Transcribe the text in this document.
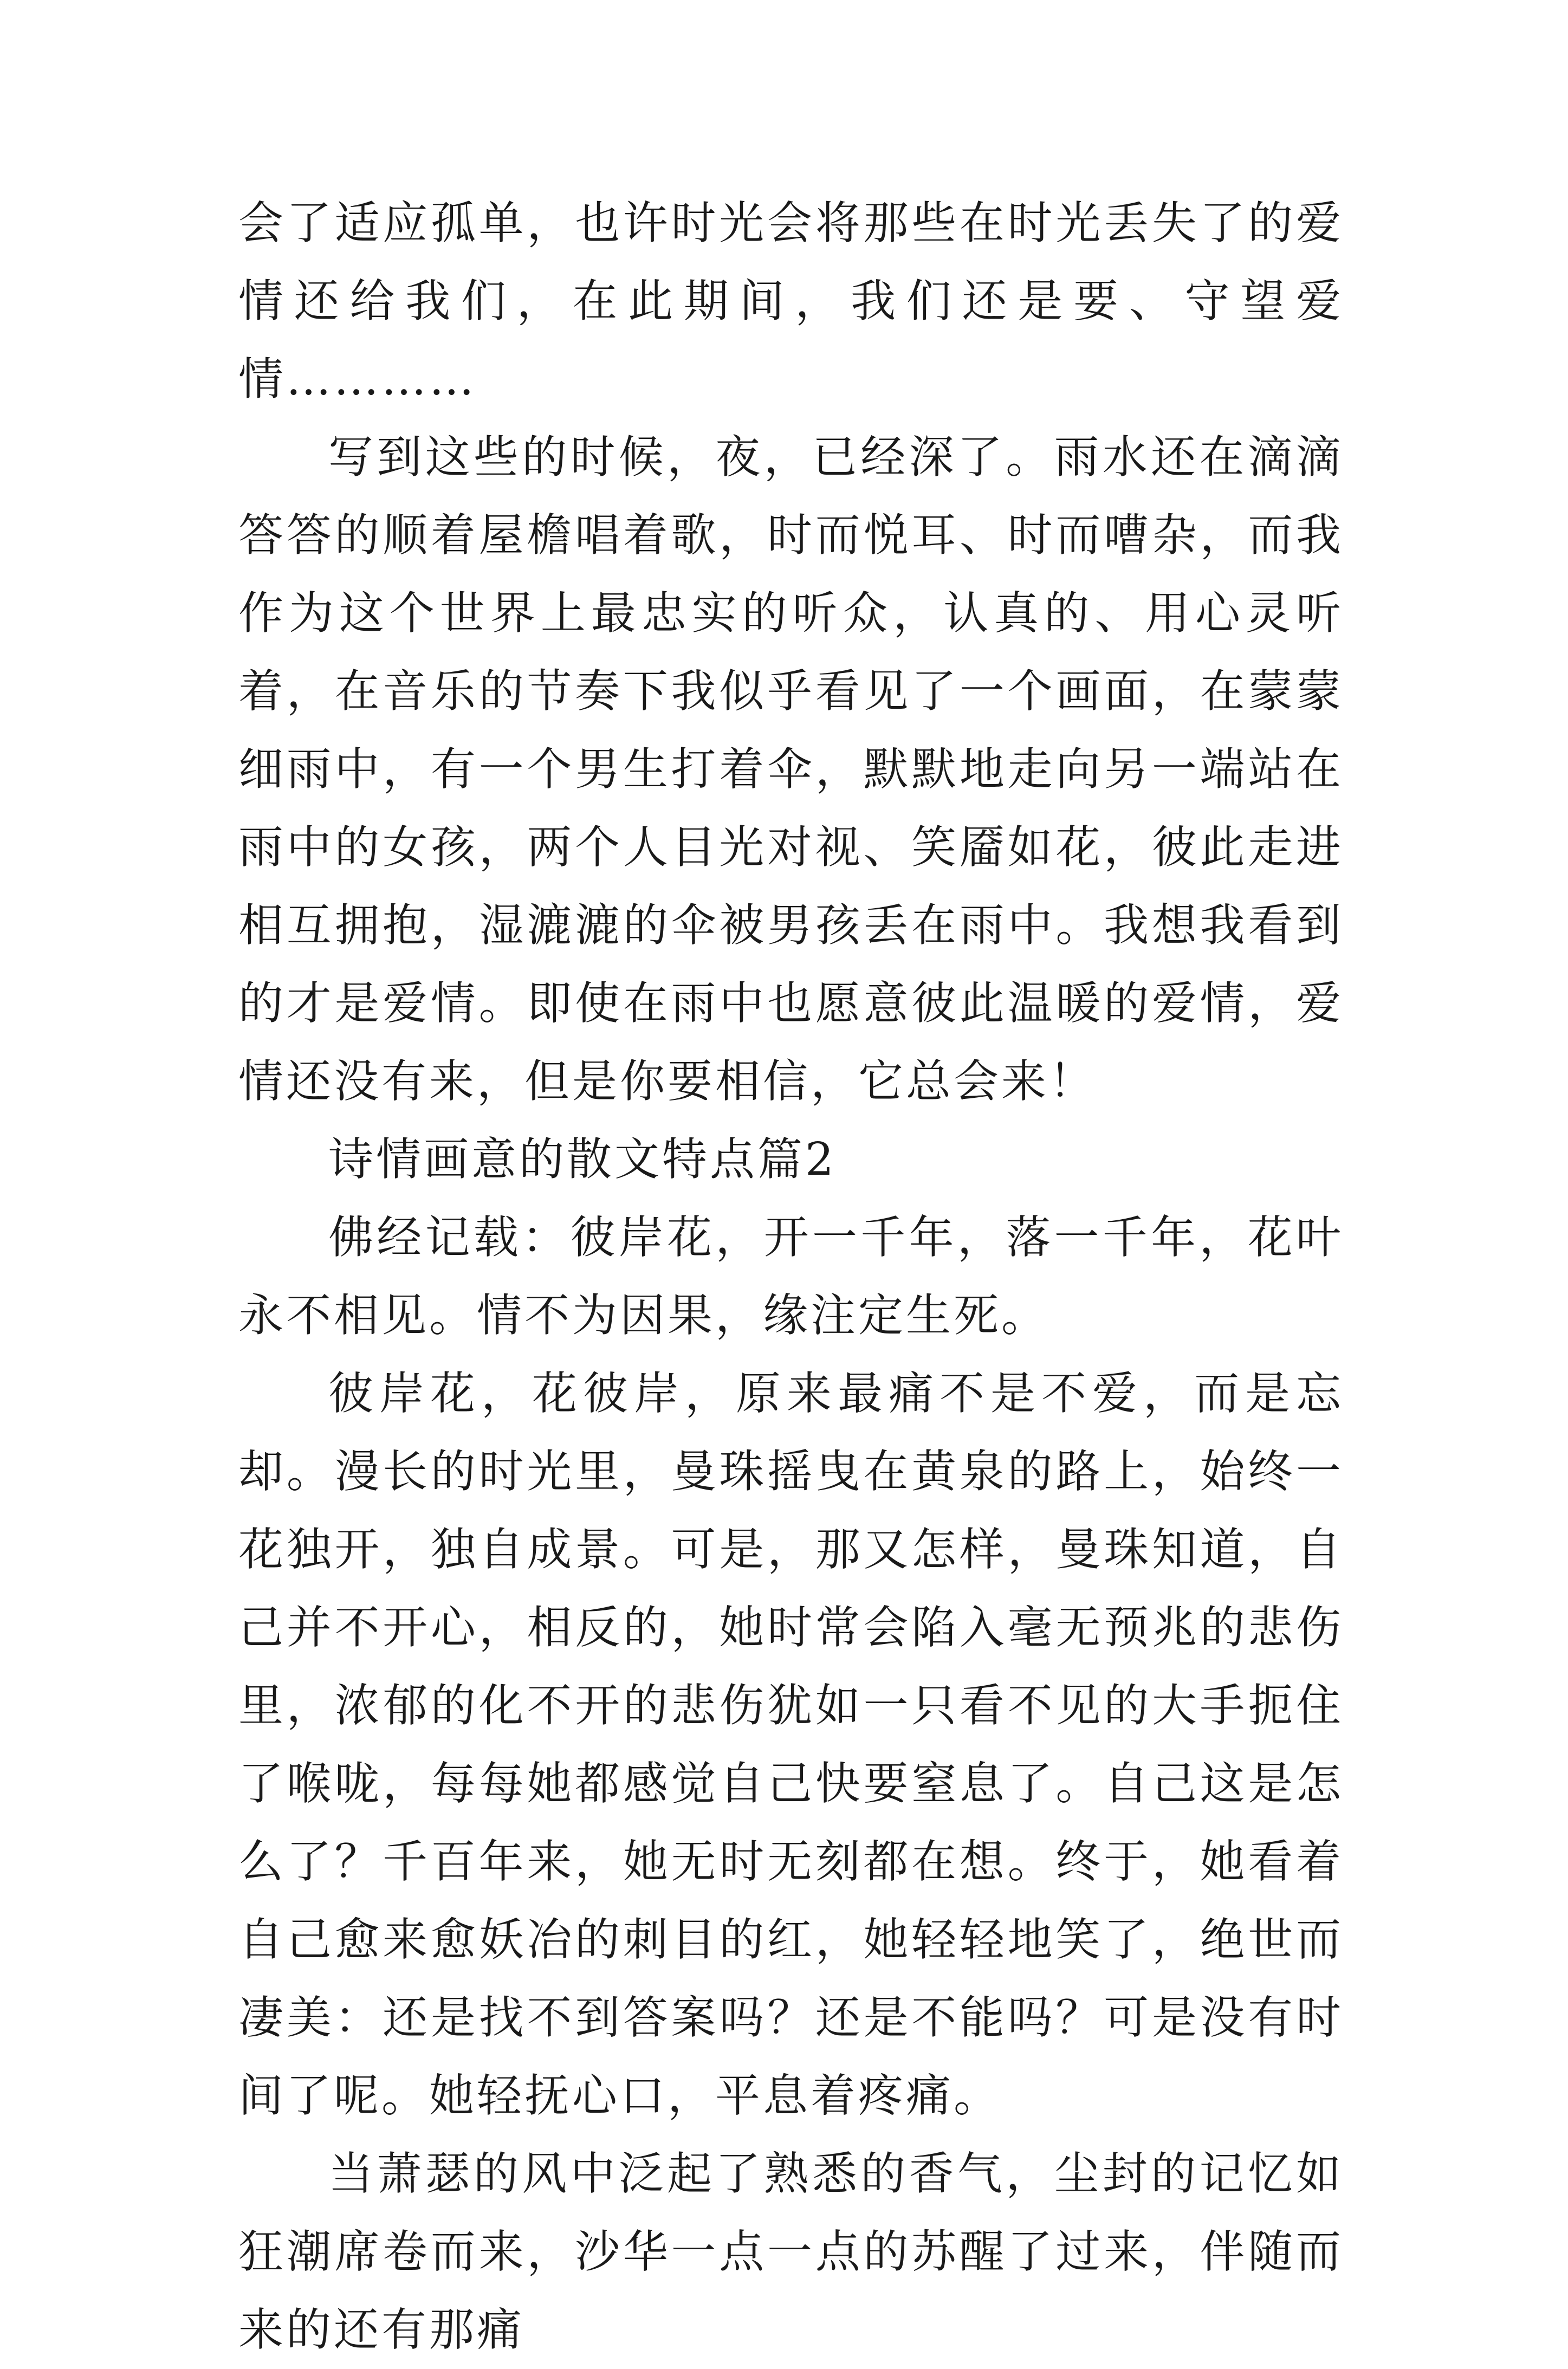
会了适应孤单，也许时光会将那些在时光丢失了的爱情还给我们，在此期间，我们还是要、守望爱情…………

写到这些的时候，夜，已经深了。雨水还在滴滴答答的顺着屋檐唱着歌，时而悦耳、时而嘈杂，而我作为这个世界上最忠实的听众，认真的、用心灵听着，在音乐的节奏下我似乎看见了一个画面，在蒙蒙细雨中，有一个男生打着伞，默默地走向另一端站在雨中的女孩，两个人目光对视、笑靥如花，彼此走进相互拥抱，湿漉漉的伞被男孩丢在雨中。我想我看到的才是爱情。即使在雨中也愿意彼此温暖的爱情，爱情还没有来，但是你要相信，它总会来！

诗情画意的散文特点篇2

佛经记载：彼岸花，开一千年，落一千年，花叶永不相见。情不为因果，缘注定生死。

彼岸花，花彼岸，原来最痛不是不爱，而是忘却。漫长的时光里，曼珠摇曳在黄泉的路上，始终一花独开，独自成景。可是，那又怎样，曼珠知道，自己并不开心，相反的，她时常会陷入毫无预兆的悲伤里，浓郁的化不开的悲伤犹如一只看不见的大手扼住了喉咙，每每她都感觉自己快要窒息了。自己这是怎么了？千百年来，她无时无刻都在想。终于，她看着自己愈来愈妖冶的刺目的红，她轻轻地笑了，绝世而凄美：还是找不到答案吗？还是不能吗？可是没有时间了呢。她轻抚心口，平息着疼痛。

当萧瑟的风中泛起了熟悉的香气，尘封的记忆如狂潮席卷而来，沙华一点一点的苏醒了过来，伴随而来的还有那痛
